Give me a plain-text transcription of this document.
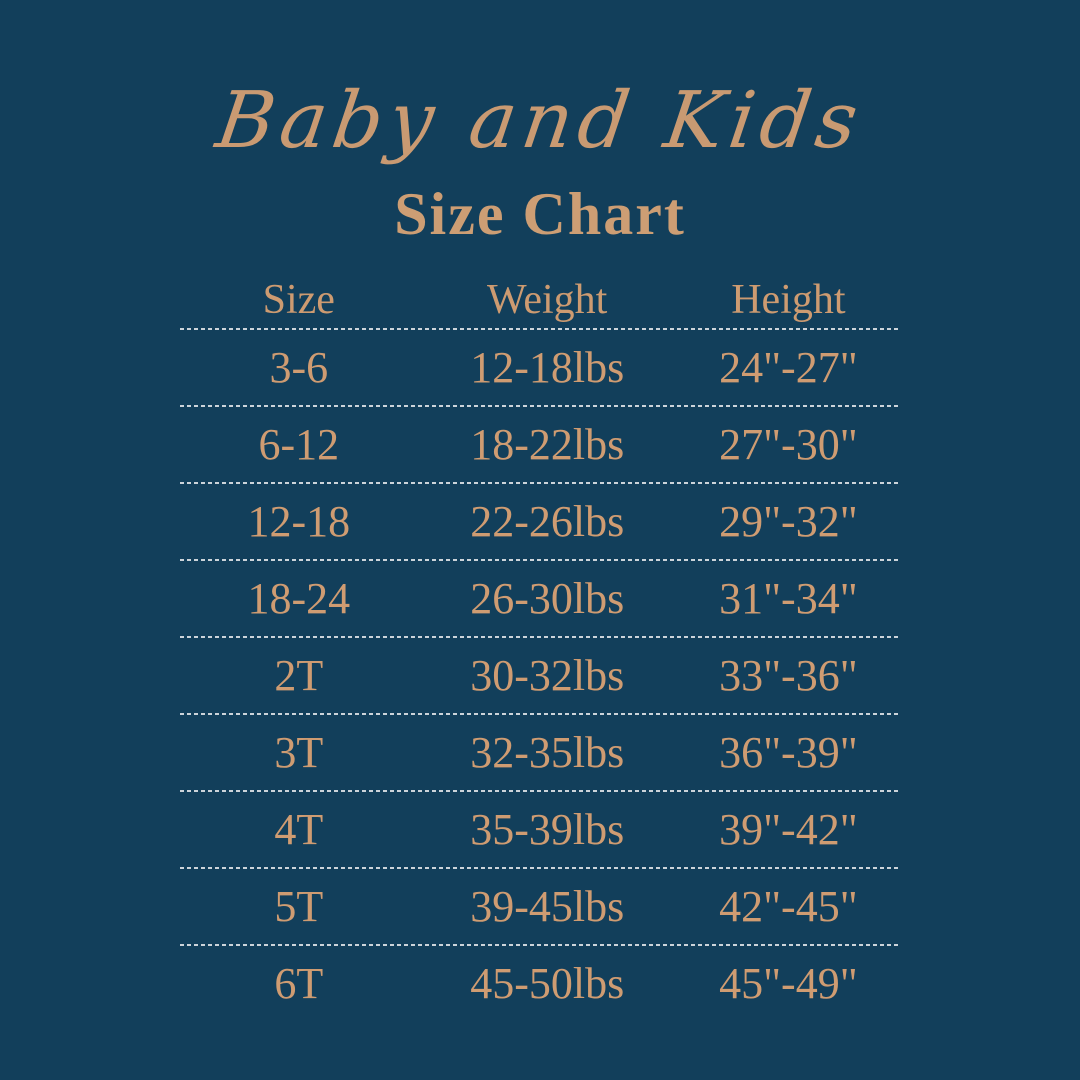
Baby and Kids
Size Chart
Size	Weight	Height
3-6	12-18lbs	24"-27"
6-12	18-22lbs	27"-30"
12-18	22-26lbs	29"-32"
18-24	26-30lbs	31"-34"
2T	30-32lbs	33"-36"
3T	32-35lbs	36"-39"
4T	35-39lbs	39"-42"
5T	39-45lbs	42"-45"
6T	45-50lbs	45"-49"
